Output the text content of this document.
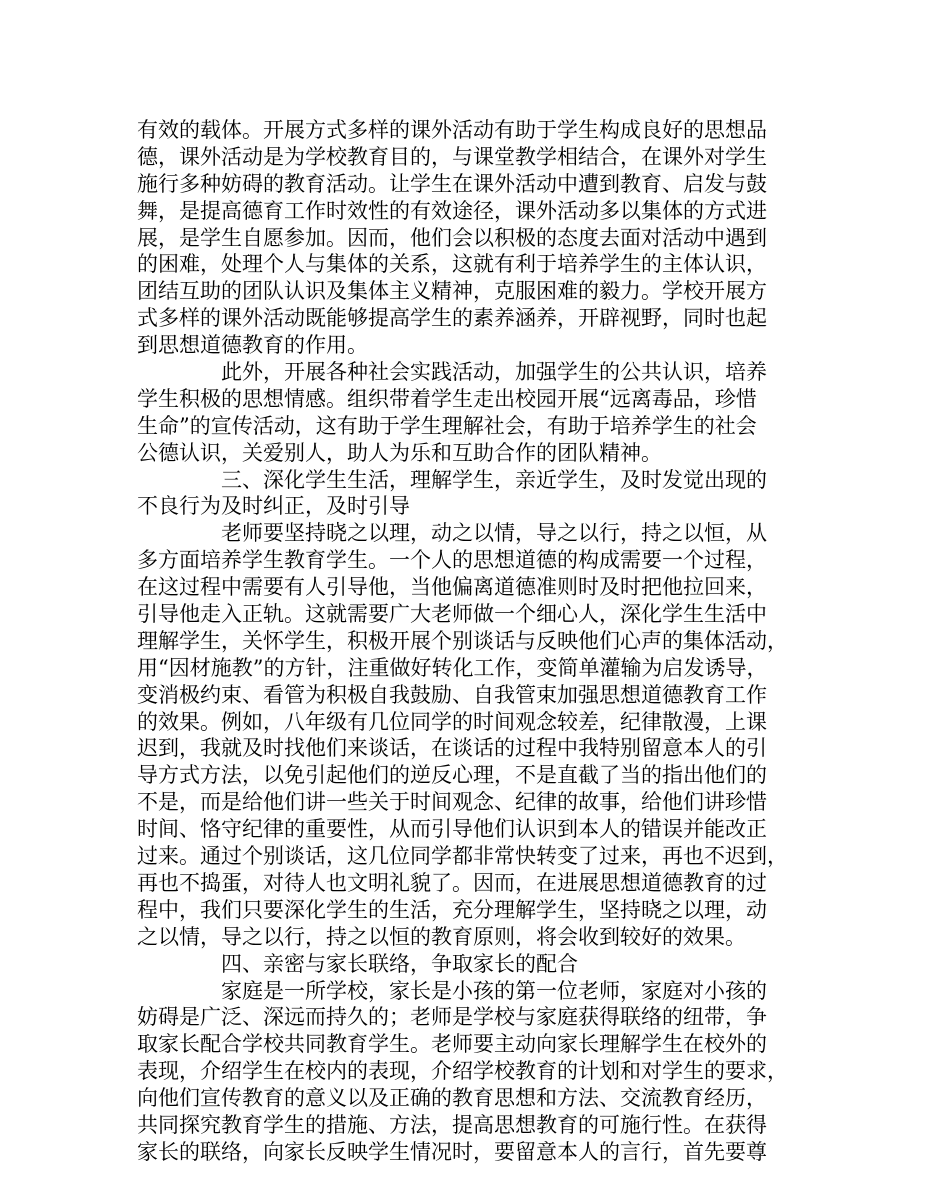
有效的载体。开展方式多样的课外活动有助于学生构成良好的思想品
德，课外活动是为学校教育目的，与课堂教学相结合，在课外对学生
施行多种妨碍的教育活动。让学生在课外活动中遭到教育、启发与鼓
舞，是提高德育工作时效性的有效途径，课外活动多以集体的方式进
展，是学生自愿参加。因而，他们会以积极的态度去面对活动中遇到
的困难，处理个人与集体的关系，这就有利于培养学生的主体认识，
团结互助的团队认识及集体主义精神，克服困难的毅力。学校开展方
式多样的课外活动既能够提高学生的素养涵养，开辟视野，同时也起
到思想道德教育的作用。
此外，开展各种社会实践活动，加强学生的公共认识，培养
学生积极的思想情感。组织带着学生走出校园开展“远离毒品，珍惜
生命”的宣传活动，这有助于学生理解社会，有助于培养学生的社会
公德认识，关爱别人，助人为乐和互助合作的团队精神。
三、深化学生生活，理解学生，亲近学生，及时发觉出现的
不良行为及时纠正，及时引导
老师要坚持晓之以理，动之以情，导之以行，持之以恒，从
多方面培养学生教育学生。一个人的思想道德的构成需要一个过程，
在这过程中需要有人引导他，当他偏离道德准则时及时把他拉回来，
引导他走入正轨。这就需要广大老师做一个细心人，深化学生生活中
理解学生，关怀学生，积极开展个别谈话与反映他们心声的集体活动，
用“因材施教”的方针，注重做好转化工作，变简单灌输为启发诱导，
变消极约束、看管为积极自我鼓励、自我管束加强思想道德教育工作
的效果。例如，八年级有几位同学的时间观念较差，纪律散漫，上课
迟到，我就及时找他们来谈话，在谈话的过程中我特别留意本人的引
导方式方法，以免引起他们的逆反心理，不是直截了当的指出他们的
不是，而是给他们讲一些关于时间观念、纪律的故事，给他们讲珍惜
时间、恪守纪律的重要性，从而引导他们认识到本人的错误并能改正
过来。通过个别谈话，这几位同学都非常快转变了过来，再也不迟到，
再也不捣蛋，对待人也文明礼貌了。因而，在进展思想道德教育的过
程中，我们只要深化学生的生活，充分理解学生，坚持晓之以理，动
之以情，导之以行，持之以恒的教育原则，将会收到较好的效果。
四、亲密与家长联络，争取家长的配合
家庭是一所学校，家长是小孩的第一位老师，家庭对小孩的
妨碍是广泛、深远而持久的；老师是学校与家庭获得联络的纽带，争
取家长配合学校共同教育学生。老师要主动向家长理解学生在校外的
表现，介绍学生在校内的表现，介绍学校教育的计划和对学生的要求，
向他们宣传教育的意义以及正确的教育思想和方法、交流教育经历，
共同探究教育学生的措施、方法，提高思想教育的可施行性。在获得
家长的联络，向家长反映学生情况时，要留意本人的言行，首先要尊
